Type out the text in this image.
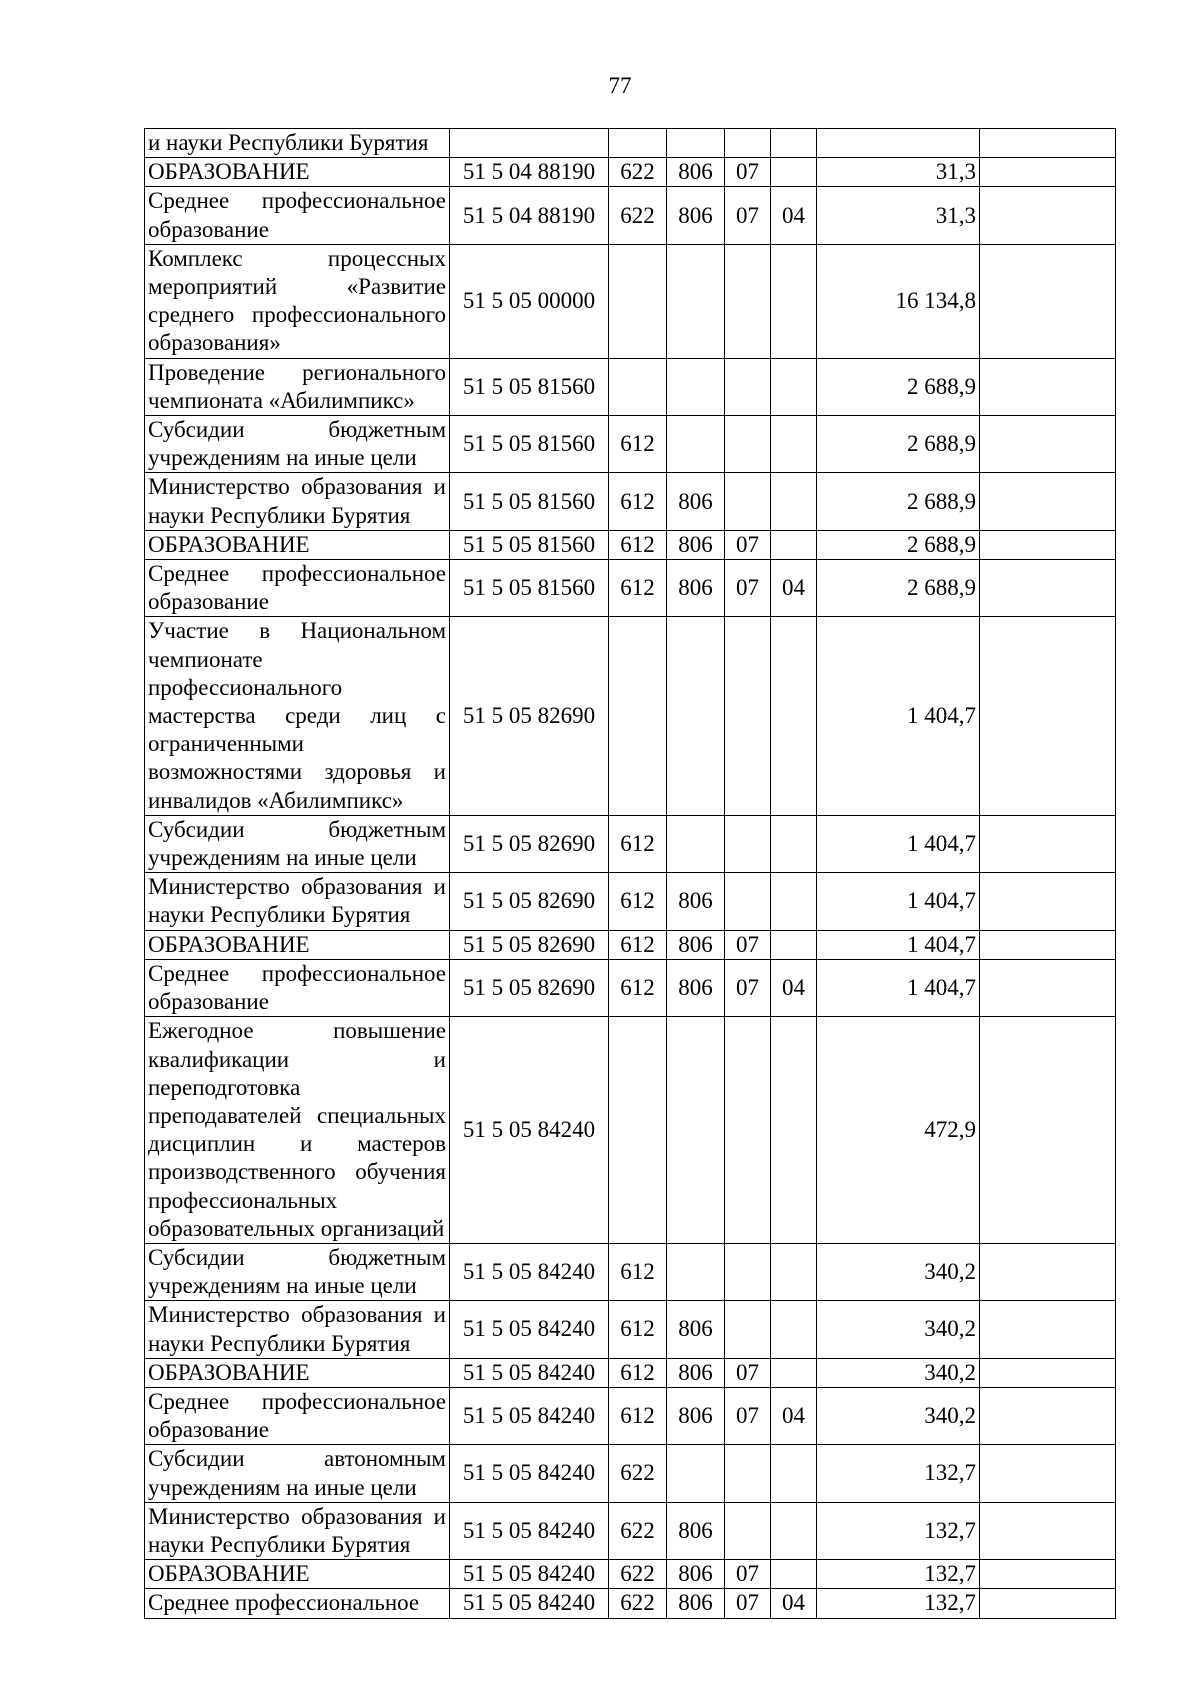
77
и науки Республики Бурятия							
ОБРАЗОВАНИЕ	51 5 04 88190	622	806	07		31,3	
Среднее профессиональное образование	51 5 04 88190	622	806	07	04	31,3	
Комплекс процессных мероприятий «Развитие среднего профессионального образования»	51 5 05 00000					16 134,8	
Проведение регионального чемпионата «Абилимпикс»	51 5 05 81560					2 688,9	
Субсидии бюджетным учреждениям на иные цели	51 5 05 81560	612				2 688,9	
Министерство образования и науки Республики Бурятия	51 5 05 81560	612	806			2 688,9	
ОБРАЗОВАНИЕ	51 5 05 81560	612	806	07		2 688,9	
Среднее профессиональное образование	51 5 05 81560	612	806	07	04	2 688,9	
Участие в Национальном чемпионате профессионального мастерства среди лиц с ограниченными возможностями здоровья и инвалидов «Абилимпикс»	51 5 05 82690					1 404,7	
Субсидии бюджетным учреждениям на иные цели	51 5 05 82690	612				1 404,7	
Министерство образования и науки Республики Бурятия	51 5 05 82690	612	806			1 404,7	
ОБРАЗОВАНИЕ	51 5 05 82690	612	806	07		1 404,7	
Среднее профессиональное образование	51 5 05 82690	612	806	07	04	1 404,7	
Ежегодное повышение квалификации и переподготовка преподавателей специальных дисциплин и мастеров производственного обучения профессиональных образовательных организаций	51 5 05 84240					472,9	
Субсидии бюджетным учреждениям на иные цели	51 5 05 84240	612				340,2	
Министерство образования и науки Республики Бурятия	51 5 05 84240	612	806			340,2	
ОБРАЗОВАНИЕ	51 5 05 84240	612	806	07		340,2	
Среднее профессиональное образование	51 5 05 84240	612	806	07	04	340,2	
Субсидии автономным учреждениям на иные цели	51 5 05 84240	622				132,7	
Министерство образования и науки Республики Бурятия	51 5 05 84240	622	806			132,7	
ОБРАЗОВАНИЕ	51 5 05 84240	622	806	07		132,7	
Среднее профессиональное	51 5 05 84240	622	806	07	04	132,7	
